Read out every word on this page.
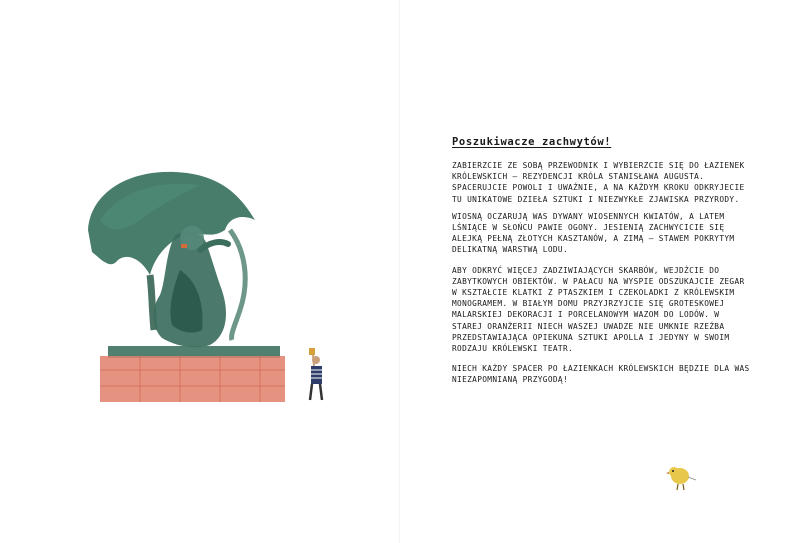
Poszukiwacze zachwytów!

ZABIERZCIE ZE SOBĄ PRZEWODNIK I WYBIERZCIE SIĘ DO ŁAZIENEK KRÓLEWSKICH – REZYDENCJI KRÓLA STANISŁAWA AUGUSTA. SPACERUJCIE POWOLI I UWAŻNIE, A NA KAŻDYM KROKU ODKRYJECIE TU UNIKATOWE DZIEŁA SZTUKI I NIEZWYKŁE ZJAWISKA PRZYRODY.

WIOSNĄ OCZARUJĄ WAS DYWANY WIOSENNYCH KWIATÓW, A LATEM LŚNIĄCE W SŁOŃCU PAWIE OGONY. JESIENIĄ ZACHWYCICIE SIĘ ALEJKĄ PEŁNĄ ZŁOTYCH KASZTANÓW, A ZIMĄ – STAWEM POKRYTYM DELIKATNĄ WARSTWĄ LODU.

ABY ODKRYĆ WIĘCEJ ZADZIWIAJĄCYCH SKARBÓW, WEJDŹCIE DO ZABYTKOWYCH OBIEKTÓW. W PAŁACU NA WYSPIE ODSZUKAJCIE ZEGAR W KSZTAŁCIE KLATKI Z PTASZKIEM I CZEKOLADKI Z KRÓLEWSKIM MONOGRAMEM. W BIAŁYM DOMU PRZYJRZYJCIE SIĘ GROTESKOWEJ MALARSKIEJ DEKORACJI I PORCELANOWYM WAZOM DO LODÓW. W STAREJ ORANŻERII NIECH WASZEJ UWADZE NIE UMKNIE RZEŹBA PRZEDSTAWIAJĄCA OPIEKUNA SZTUKI APOLLA I JEDYNY W SWOIM RODZAJU KRÓLEWSKI TEATR.

NIECH KAŻDY SPACER PO ŁAZIENKACH KRÓLEWSKICH BĘDZIE DLA WAS NIEZAPOMNIANĄ PRZYGODĄ!
